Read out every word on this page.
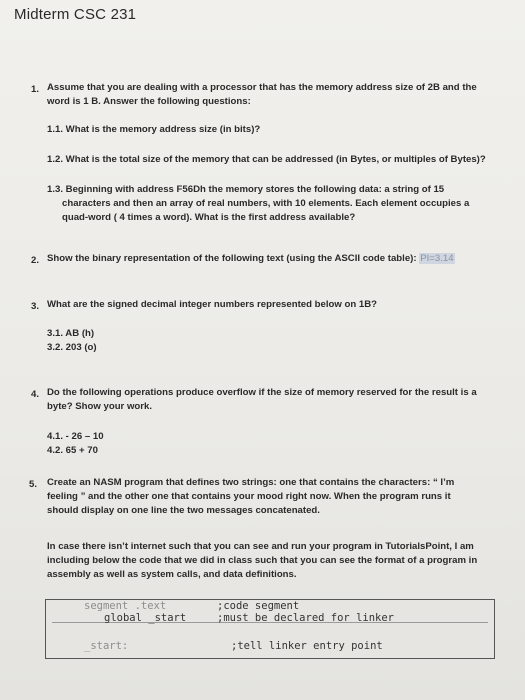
Midterm CSC 231
1. Assume that you are dealing with a processor that has the memory address size of 2B and the
word is 1 B. Answer the following questions:
1.1. What is the memory address size (in bits)?
1.2. What is the total size of the memory that can be addressed (in Bytes, or multiples of Bytes)?
1.3. Beginning with address F56Dh the memory stores the following data: a string of 15
characters and then an array of real numbers, with 10 elements. Each element occupies a
quad-word ( 4 times a word). What is the first address available?
2. Show the binary representation of the following text (using the ASCII code table): PI=3.14
3. What are the signed decimal integer numbers represented below on 1B?
3.1. AB (h)
3.2. 203 (o)
4. Do the following operations produce overflow if the size of memory reserved for the result is a
byte? Show your work.
4.1. - 26 – 10
4.2. 65 + 70
5. Create an NASM program that defines two strings: one that contains the characters: “ I’m
feeling ” and the other one that contains your mood right now. When the program runs it
should display on one line the two messages concatenated.
In case there isn’t internet such that you can see and run your program in TutorialsPoint, I am
including below the code that we did in class such that you can see the format of a program in
assembly as well as system calls, and data definitions.
segment .text	;code segment
global _start	;must be declared for linker
_start:	;tell linker entry point
